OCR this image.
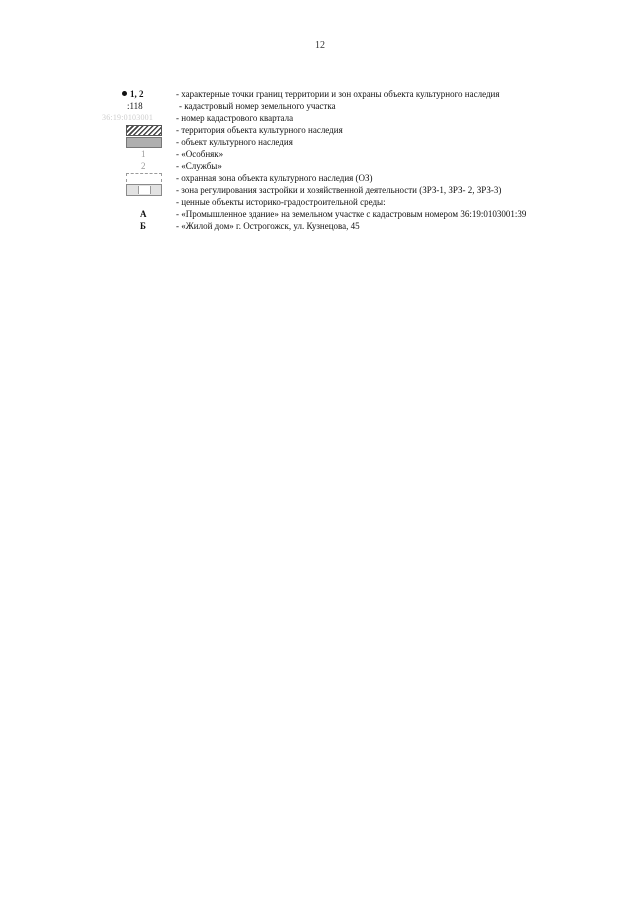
12
1, 2	- характерные точки границ территории и зон охраны объекта культурного наследия
:118	- кадастровый номер земельного участка
36:19:0103001	- номер кадастрового квартала
- территория объекта культурного наследия
- объект культурного наследия
1	- «Особняк»
2	- «Службы»
- охранная зона объекта культурного наследия (ОЗ)
- зона регулирования застройки и хозяйственной деятельности (ЗРЗ-1, ЗРЗ- 2, ЗРЗ-3)
- ценные объекты историко-градостроительной среды:
А	- «Промышленное здание» на земельном участке с кадастровым номером 36:19:0103001:39
Б	- «Жилой дом» г. Острогожск, ул. Кузнецова, 45
